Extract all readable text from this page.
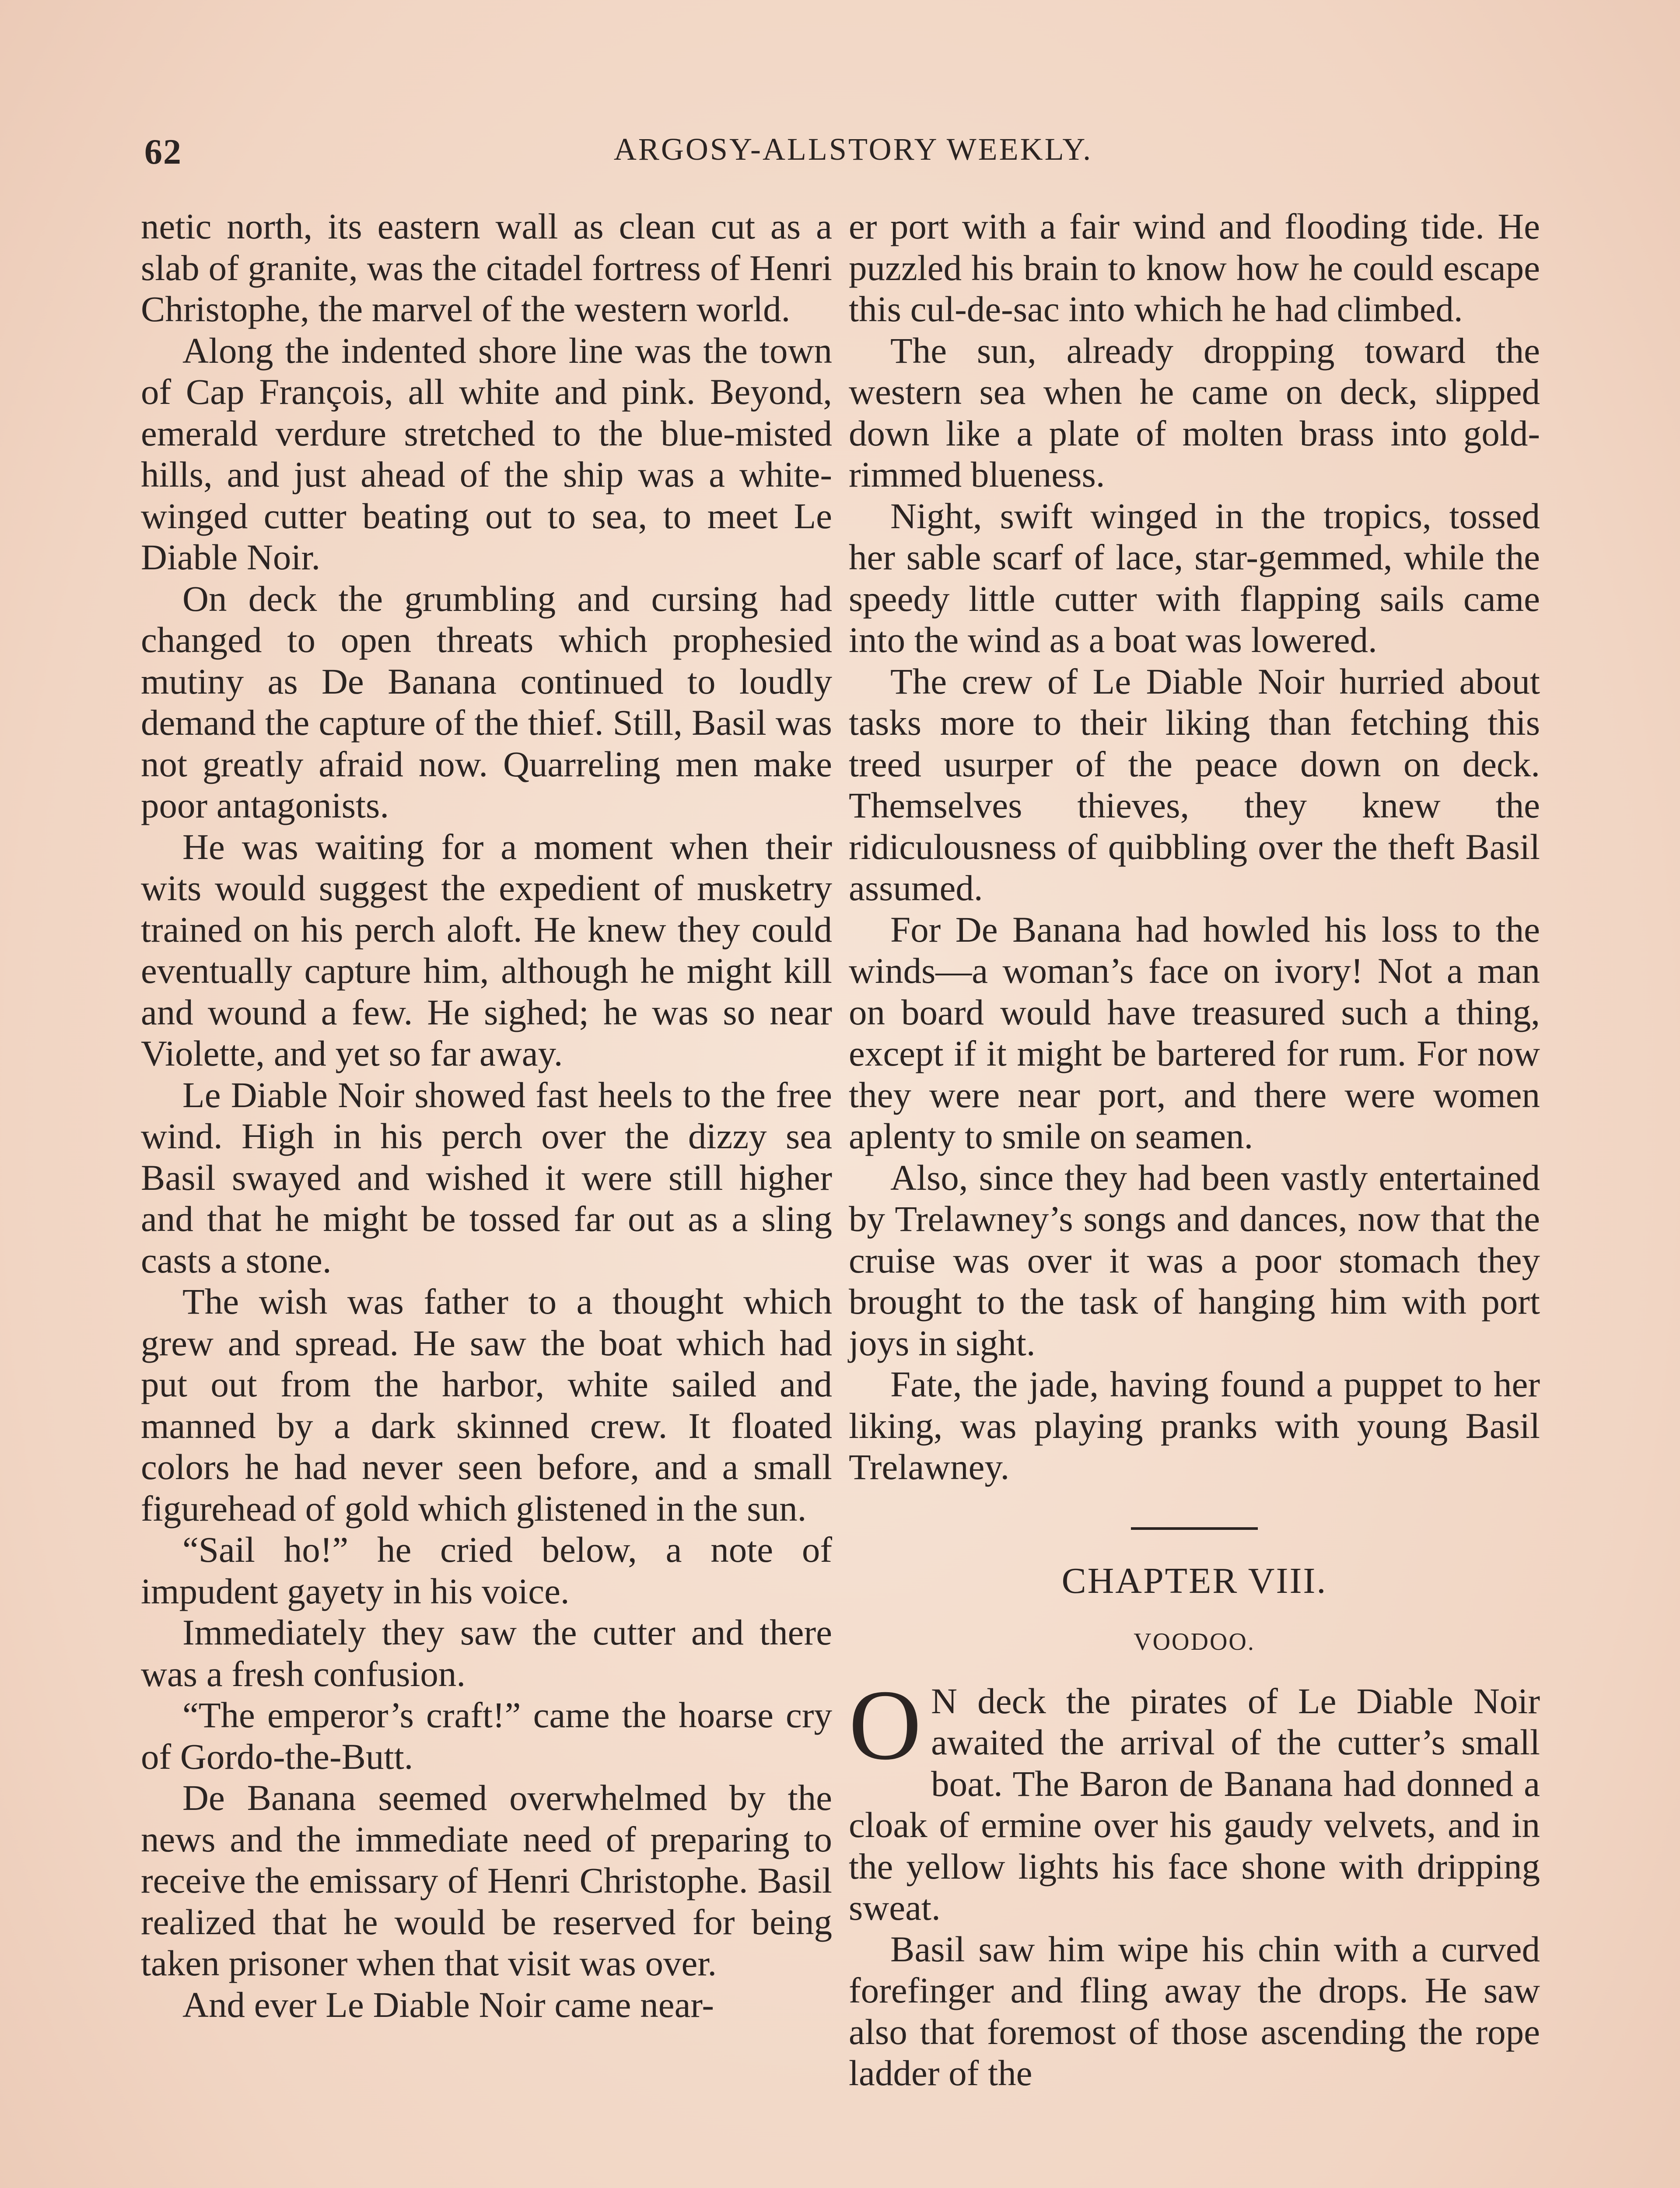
62	ARGOSY-ALLSTORY WEEKLY.

netic north, its eastern wall as clean cut as a slab of granite, was the citadel fortress of Henri Christophe, the marvel of the western world.

Along the indented shore line was the town of Cap François, all white and pink. Beyond, emerald verdure stretched to the blue-misted hills, and just ahead of the ship was a white-winged cutter beating out to sea, to meet Le Diable Noir.

On deck the grumbling and cursing had changed to open threats which prophesied mutiny as De Banana continued to loudly demand the capture of the thief. Still, Basil was not greatly afraid now. Quarreling men make poor antagonists.

He was waiting for a moment when their wits would suggest the expedient of musketry trained on his perch aloft. He knew they could eventually capture him, although he might kill and wound a few. He sighed; he was so near Violette, and yet so far away.

Le Diable Noir showed fast heels to the free wind. High in his perch over the dizzy sea Basil swayed and wished it were still higher and that he might be tossed far out as a sling casts a stone.

The wish was father to a thought which grew and spread. He saw the boat which had put out from the harbor, white sailed and manned by a dark skinned crew. It floated colors he had never seen before, and a small figurehead of gold which glistened in the sun.

“Sail ho!” he cried below, a note of impudent gayety in his voice.

Immediately they saw the cutter and there was a fresh confusion.

“The emperor’s craft!” came the hoarse cry of Gordo-the-Butt.

De Banana seemed overwhelmed by the news and the immediate need of preparing to receive the emissary of Henri Christophe. Basil realized that he would be reserved for being taken prisoner when that visit was over.

And ever Le Diable Noir came near-

er port with a fair wind and flooding tide. He puzzled his brain to know how he could escape this cul-de-sac into which he had climbed.

The sun, already dropping toward the western sea when he came on deck, slipped down like a plate of molten brass into gold-rimmed blueness.

Night, swift winged in the tropics, tossed her sable scarf of lace, star-gemmed, while the speedy little cutter with flapping sails came into the wind as a boat was lowered.

The crew of Le Diable Noir hurried about tasks more to their liking than fetching this treed usurper of the peace down on deck. Themselves thieves, they knew the ridiculousness of quibbling over the theft Basil assumed.

For De Banana had howled his loss to the winds—a woman’s face on ivory! Not a man on board would have treasured such a thing, except if it might be bartered for rum. For now they were near port, and there were women aplenty to smile on seamen.

Also, since they had been vastly entertained by Trelawney’s songs and dances, now that the cruise was over it was a poor stomach they brought to the task of hanging him with port joys in sight.

Fate, the jade, having found a puppet to her liking, was playing pranks with young Basil Trelawney.

CHAPTER VIII.
VOODOO.

O N deck the pirates of Le Diable Noir awaited the arrival of the cutter’s small boat. The Baron de Banana had donned a cloak of ermine over his gaudy velvets, and in the yellow lights his face shone with dripping sweat.

Basil saw him wipe his chin with a curved forefinger and fling away the drops. He saw also that foremost of those ascending the rope ladder of the
